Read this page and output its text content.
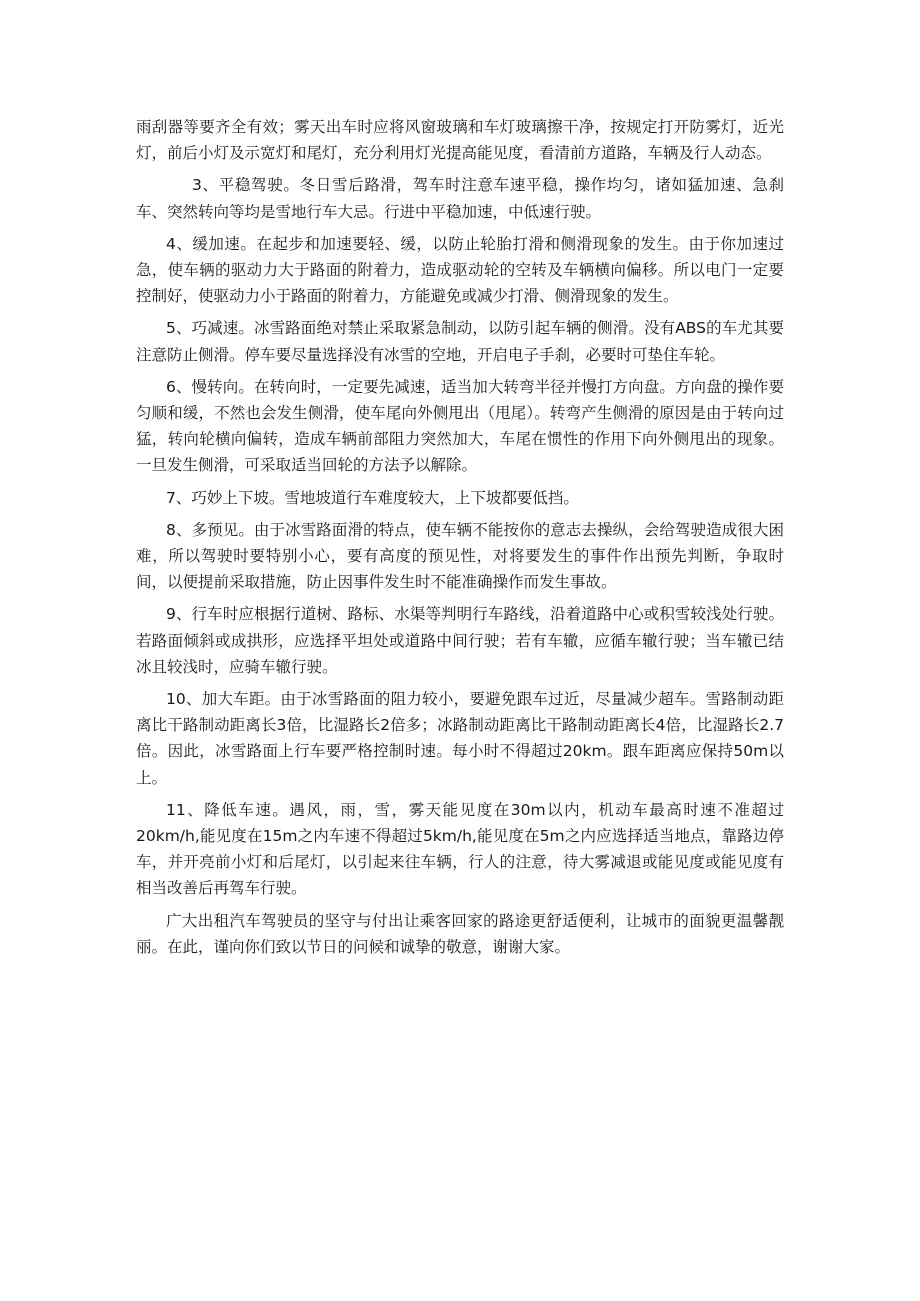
雨刮器等要齐全有效；雾天出车时应将风窗玻璃和车灯玻璃擦干净，按规定打开防雾灯，近光灯，前后小灯及示宽灯和尾灯，充分利用灯光提高能见度，看清前方道路，车辆及行人动态。

3、平稳驾驶。冬日雪后路滑，驾车时注意车速平稳，操作均匀，诸如猛加速、急刹车、突然转向等均是雪地行车大忌。行进中平稳加速，中低速行驶。

4、缓加速。在起步和加速要轻、缓，以防止轮胎打滑和侧滑现象的发生。由于你加速过急，使车辆的驱动力大于路面的附着力，造成驱动轮的空转及车辆横向偏移。所以电门一定要控制好，使驱动力小于路面的附着力，方能避免或减少打滑、侧滑现象的发生。

5、巧减速。冰雪路面绝对禁止采取紧急制动，以防引起车辆的侧滑。没有ABS的车尤其要注意防止侧滑。停车要尽量选择没有冰雪的空地，开启电子手刹，必要时可垫住车轮。

6、慢转向。在转向时，一定要先减速，适当加大转弯半径并慢打方向盘。方向盘的操作要匀顺和缓，不然也会发生侧滑，使车尾向外侧甩出（甩尾）。转弯产生侧滑的原因是由于转向过猛，转向轮横向偏转，造成车辆前部阻力突然加大，车尾在惯性的作用下向外侧甩出的现象。一旦发生侧滑，可采取适当回轮的方法予以解除。

7、巧妙上下坡。雪地坡道行车难度较大，上下坡都要低挡。

8、多预见。由于冰雪路面滑的特点，使车辆不能按你的意志去操纵，会给驾驶造成很大困难，所以驾驶时要特别小心，要有高度的预见性，对将要发生的事件作出预先判断，争取时间，以便提前采取措施，防止因事件发生时不能准确操作而发生事故。

9、行车时应根据行道树、路标、水渠等判明行车路线，沿着道路中心或积雪较浅处行驶。若路面倾斜或成拱形，应选择平坦处或道路中间行驶；若有车辙，应循车辙行驶；当车辙已结冰且较浅时，应骑车辙行驶。

10、加大车距。由于冰雪路面的阻力较小，要避免跟车过近，尽量减少超车。雪路制动距离比干路制动距离长3倍，比湿路长2倍多；冰路制动距离比干路制动距离长4倍，比湿路长2.7倍。因此，冰雪路面上行车要严格控制时速。每小时不得超过20km。跟车距离应保持50m以上。

11、降低车速。遇风，雨，雪，雾天能见度在30m以内，机动车最高时速不准超过20km/h,能见度在15m之内车速不得超过5km/h,能见度在5m之内应选择适当地点，靠路边停车，并开亮前小灯和后尾灯，以引起来往车辆，行人的注意，待大雾减退或能见度或能见度有相当改善后再驾车行驶。

广大出租汽车驾驶员的坚守与付出让乘客回家的路途更舒适便利，让城市的面貌更温馨靓丽。在此，谨向你们致以节日的问候和诚挚的敬意，谢谢大家。
